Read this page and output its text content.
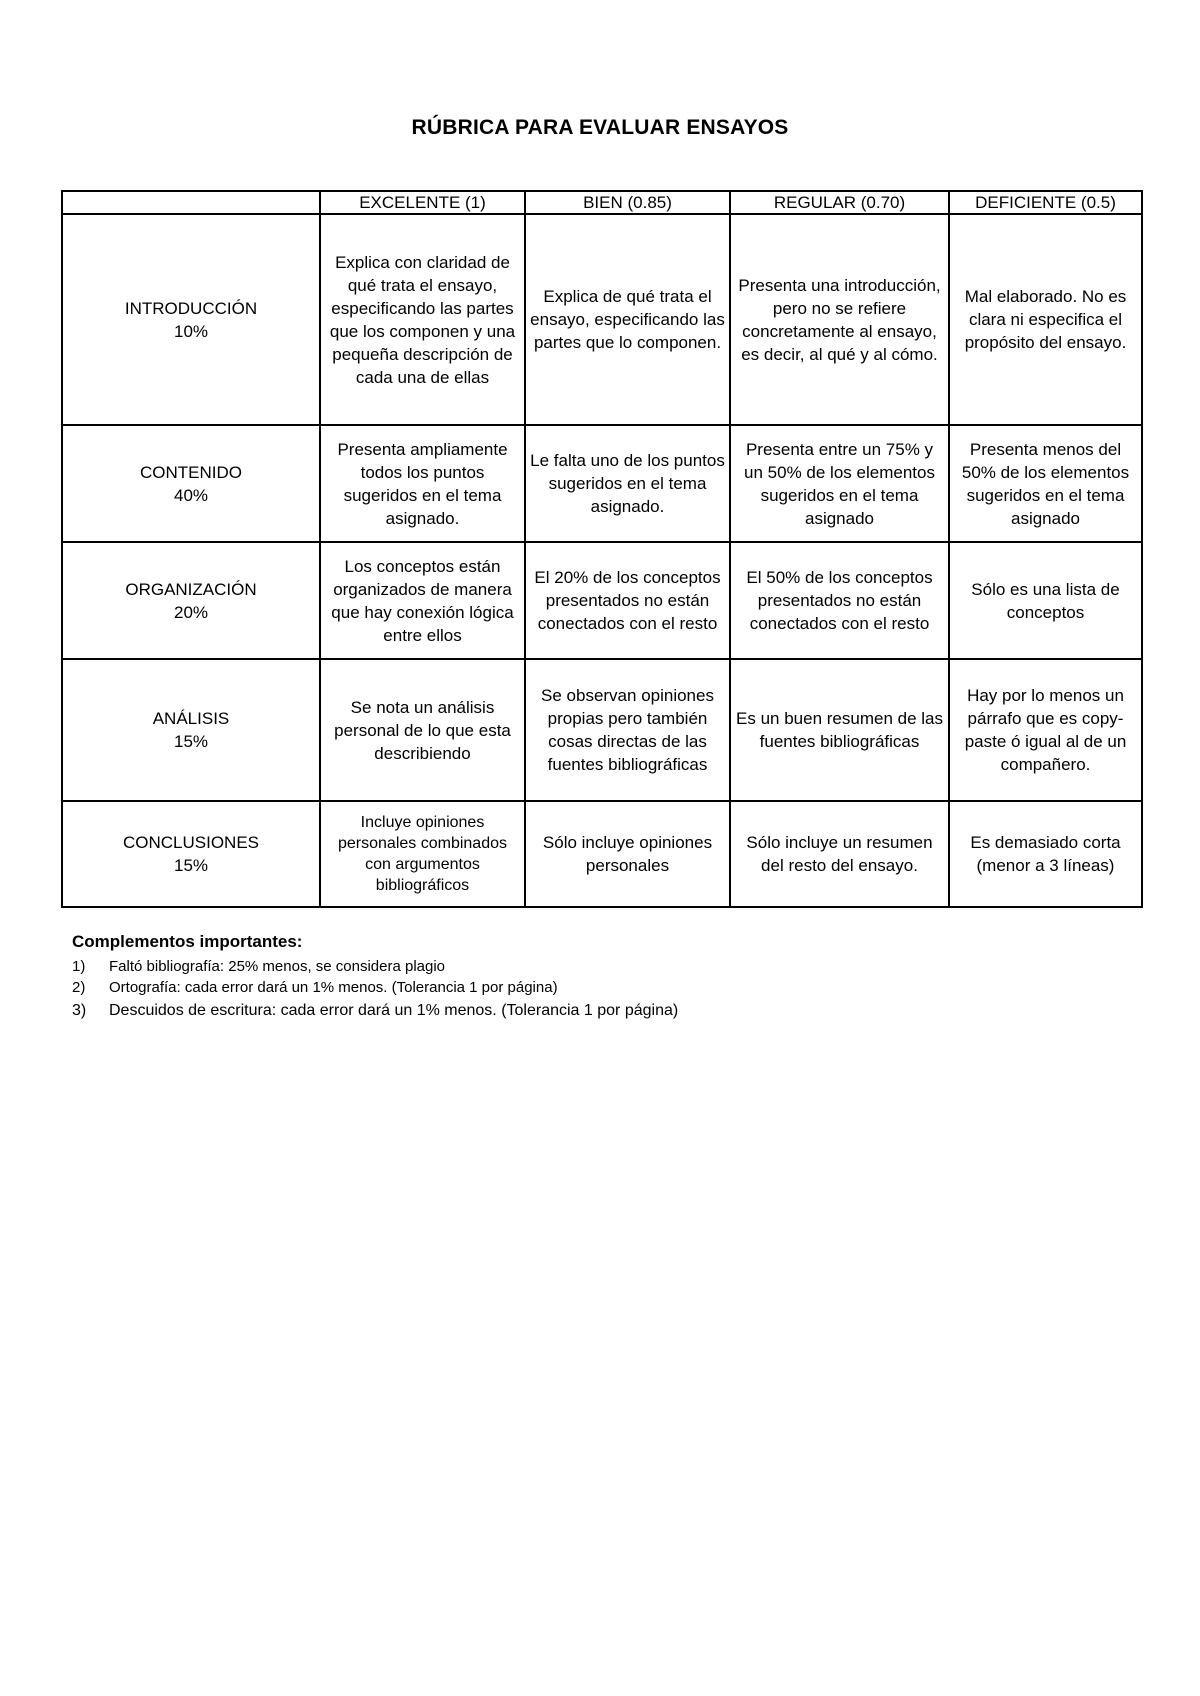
RÚBRICA PARA EVALUAR ENSAYOS
	EXCELENTE (1)	BIEN (0.85)	REGULAR (0.70)	DEFICIENTE (0.5)

INTRODUCCIÓN
10%	Explica con claridad de qué trata el ensayo, especificando las partes que los componen y una pequeña descripción de cada una de ellas	Explica de qué trata el ensayo, especificando las partes que lo componen.	Presenta una introducción, pero no se refiere concretamente al ensayo, es decir, al qué y al cómo.	Mal elaborado. No es clara ni especifica el propósito del ensayo.

CONTENIDO
40%	Presenta ampliamente todos los puntos sugeridos en el tema asignado.	Le falta uno de los puntos sugeridos en el tema asignado.	Presenta entre un 75% y un 50% de los elementos sugeridos en el tema asignado	Presenta menos del 50% de los elementos sugeridos en el tema asignado

ORGANIZACIÓN
20%	Los conceptos están organizados de manera que hay conexión lógica entre ellos	El 20% de los conceptos presentados no están conectados con el resto	El 50% de los conceptos presentados no están conectados con el resto	Sólo es una lista de conceptos

ANÁLISIS
15%	Se nota un análisis personal de lo que esta describiendo	Se observan opiniones propias pero también cosas directas de las fuentes bibliográficas	Es un buen resumen de las fuentes bibliográficas	Hay por lo menos un párrafo que es copy-paste ó igual al de un compañero.

CONCLUSIONES
15%	Incluye opiniones personales combinados con argumentos bibliográficos	Sólo incluye opiniones personales	Sólo incluye un resumen del resto del ensayo.	Es demasiado corta (menor a 3 líneas)
Complementos importantes:
1) Faltó bibliografía: 25% menos, se considera plagio
2) Ortografía: cada error dará un 1% menos. (Tolerancia 1 por página)
3) Descuidos de escritura: cada error dará un 1% menos. (Tolerancia 1 por página)
